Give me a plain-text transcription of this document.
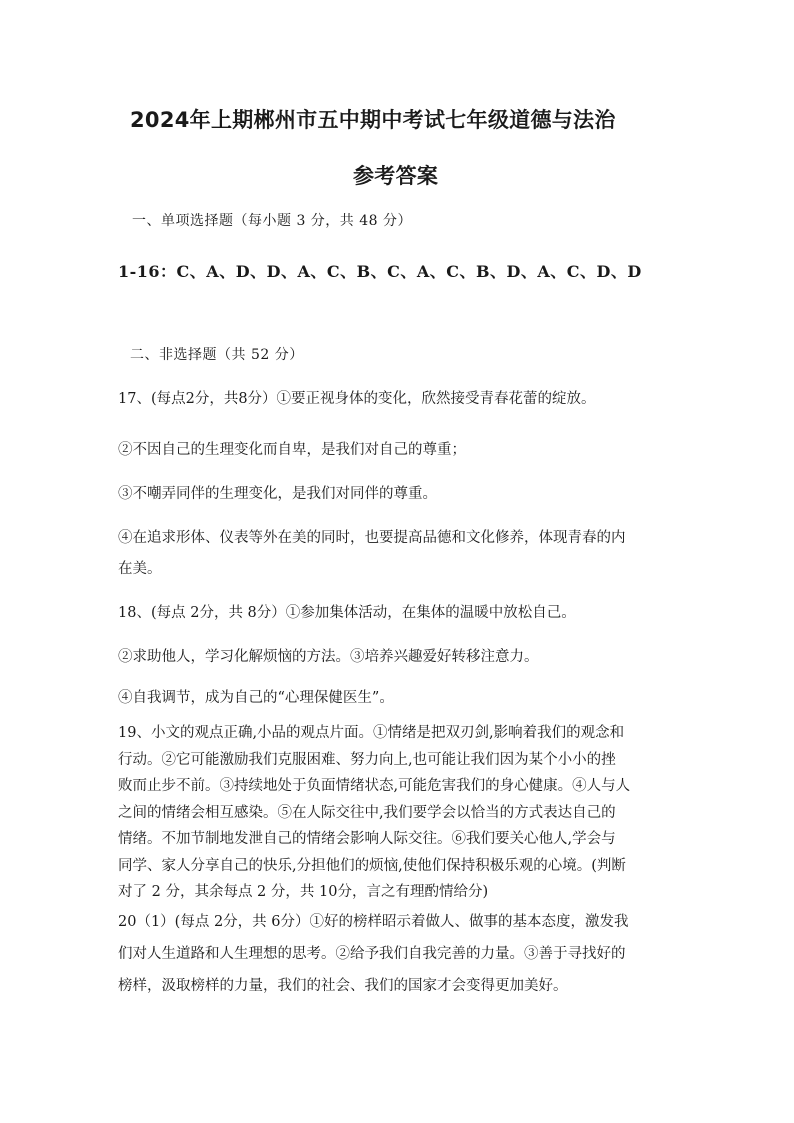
2024年上期郴州市五中期中考试七年级道德与法治
参考答案

一、单项选择题（每小题 3 分，共 48 分）

1-16：C、A、D、D、A、C、B、C、A、C、B、D、A、C、D、D

二、非选择题（共 52 分）

17、(每点2分，共8分）①要正视身体的变化，欣然接受青春花蕾的绽放。

②不因自己的生理变化而自卑，是我们对自己的尊重；

③不嘲弄同伴的生理变化，是我们对同伴的尊重。

④在追求形体、仪表等外在美的同时，也要提高品德和文化修养，体现青春的内

在美。

18、(每点 2分，共 8分）①参加集体活动，在集体的温暖中放松自己。

②求助他人，学习化解烦恼的方法。③培养兴趣爱好转移注意力。

④自我调节，成为自己的“心理保健医生”。

19、小文的观点正确,小品的观点片面。①情绪是把双刃剑,影响着我们的观念和
行动。②它可能激励我们克服困难、努力向上,也可能让我们因为某个小小的挫
败而止步不前。③持续地处于负面情绪状态,可能危害我们的身心健康。④人与人
之间的情绪会相互感染。⑤在人际交往中,我们要学会以恰当的方式表达自己的
情绪。不加节制地发泄自己的情绪会影响人际交往。⑥我们要关心他人,学会与
同学、家人分享自己的快乐,分担他们的烦恼,使他们保持积极乐观的心境。(判断
对了 2 分，其余每点 2 分，共 10分，言之有理酌情给分)
20（1）(每点 2分，共 6分）①好的榜样昭示着做人、做事的基本态度，激发我
们对人生道路和人生理想的思考。②给予我们自我完善的力量。③善于寻找好的
榜样，汲取榜样的力量，我们的社会、我们的国家才会变得更加美好。
